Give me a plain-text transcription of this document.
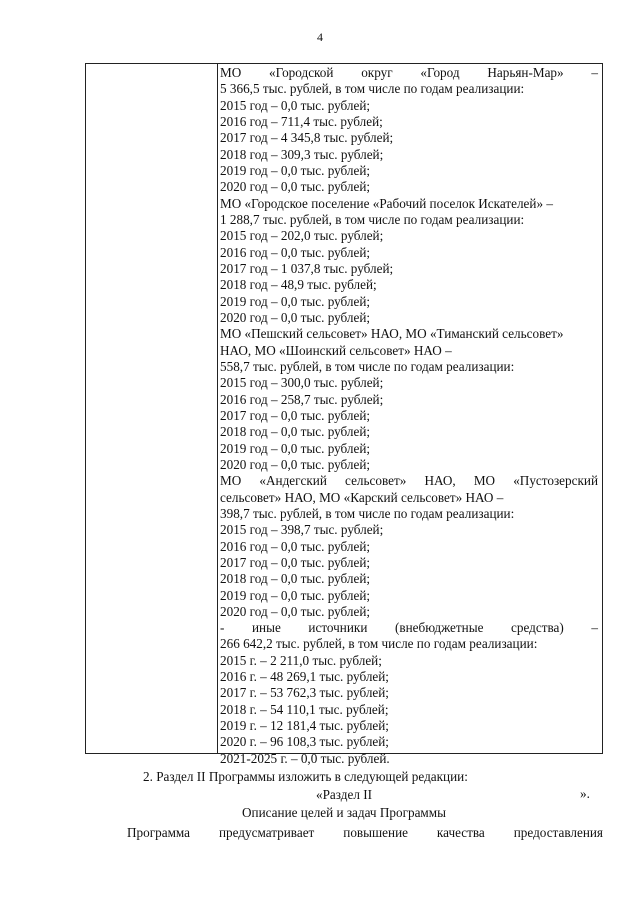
4
МО «Городской округ «Город Нарьян-Мар» –
5 366,5 тыс. рублей, в том числе по годам реализации:
2015 год – 0,0 тыс. рублей;
2016 год – 711,4 тыс. рублей;
2017 год – 4 345,8 тыс. рублей;
2018 год – 309,3 тыс. рублей;
2019 год – 0,0 тыс. рублей;
2020 год – 0,0 тыс. рублей;
МО «Городское поселение «Рабочий поселок Искателей» –
1 288,7 тыс. рублей, в том числе по годам реализации:
2015 год – 202,0 тыс. рублей;
2016 год – 0,0 тыс. рублей;
2017 год – 1 037,8 тыс. рублей;
2018 год – 48,9 тыс. рублей;
2019 год – 0,0 тыс. рублей;
2020 год – 0,0 тыс. рублей;
МО «Пешский сельсовет» НАО, МО «Тиманский сельсовет»
НАО, МО «Шоинский сельсовет» НАО –
558,7 тыс. рублей, в том числе по годам реализации:
2015 год – 300,0 тыс. рублей;
2016 год – 258,7 тыс. рублей;
2017 год – 0,0 тыс. рублей;
2018 год – 0,0 тыс. рублей;
2019 год – 0,0 тыс. рублей;
2020 год – 0,0 тыс. рублей;
МО «Андегский сельсовет» НАО, МО «Пустозерский
сельсовет» НАО, МО «Карский сельсовет» НАО –
398,7 тыс. рублей, в том числе по годам реализации:
2015 год – 398,7 тыс. рублей;
2016 год – 0,0 тыс. рублей;
2017 год – 0,0 тыс. рублей;
2018 год – 0,0 тыс. рублей;
2019 год – 0,0 тыс. рублей;
2020 год – 0,0 тыс. рублей;
- иные источники (внебюджетные средства) –
266 642,2 тыс. рублей, в том числе по годам реализации:
2015 г. – 2 211,0 тыс. рублей;
2016 г. – 48 269,1 тыс. рублей;
2017 г. – 53 762,3 тыс. рублей;
2018 г. – 54 110,1 тыс. рублей;
2019 г. – 12 181,4 тыс. рублей;
2020 г. – 96 108,3 тыс. рублей;
2021-2025 г. – 0,0 тыс. рублей.
».
2. Раздел II Программы изложить в следующей редакции:
«Раздел II
Описание целей и задач Программы
Программа предусматривает повышение качества предоставления
